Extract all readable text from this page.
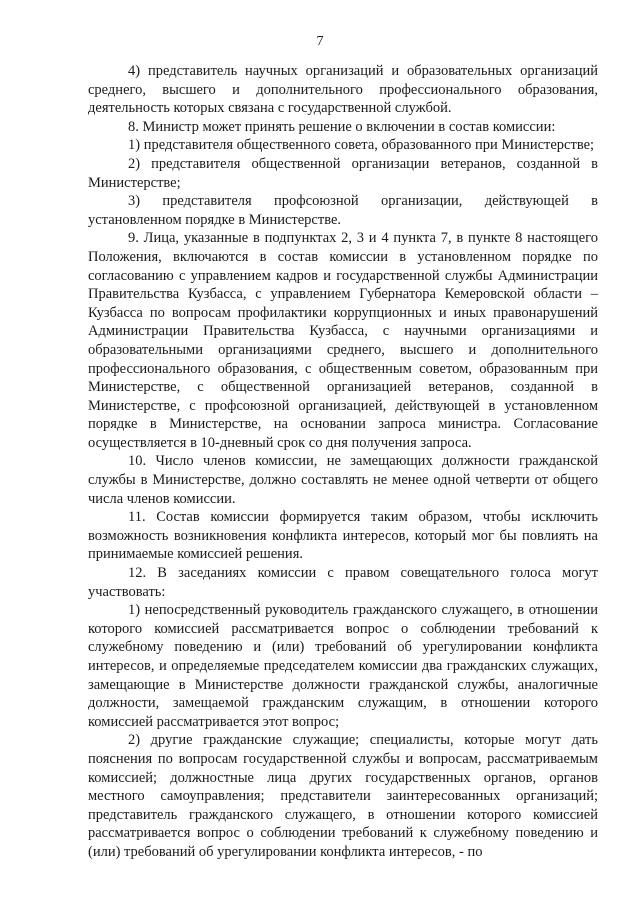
7

4) представитель научных организаций и образовательных организаций среднего, высшего и дополнительного профессионального образования, деятельность которых связана с государственной службой.

8. Министр может принять решение о включении в состав комиссии:

1) представителя общественного совета, образованного при Министерстве;

2) представителя общественной организации ветеранов, созданной в Министерстве;

3) представителя профсоюзной организации, действующей в установленном порядке в Министерстве.

9. Лица, указанные в подпунктах 2, 3 и 4 пункта 7, в пункте 8 настоящего Положения, включаются в состав комиссии в установленном порядке по согласованию с управлением кадров и государственной службы Администрации Правительства Кузбасса, с управлением Губернатора Кемеровской области – Кузбасса по вопросам профилактики коррупционных и иных правонарушений Администрации Правительства Кузбасса, с научными организациями и образовательными организациями среднего, высшего и дополнительного профессионального образования, с общественным советом, образованным при Министерстве, с общественной организацией ветеранов, созданной в Министерстве, с профсоюзной организацией, действующей в установленном порядке в Министерстве, на основании запроса министра. Согласование осуществляется в 10-дневный срок со дня получения запроса.

10. Число членов комиссии, не замещающих должности гражданской службы в Министерстве, должно составлять не менее одной четверти от общего числа членов комиссии.

11. Состав комиссии формируется таким образом, чтобы исключить возможность возникновения конфликта интересов, который мог бы повлиять на принимаемые комиссией решения.

12. В заседаниях комиссии с правом совещательного голоса могут участвовать:

1) непосредственный руководитель гражданского служащего, в отношении которого комиссией рассматривается вопрос о соблюдении требований к служебному поведению и (или) требований об урегулировании конфликта интересов, и определяемые председателем комиссии два гражданских служащих, замещающие в Министерстве должности гражданской службы, аналогичные должности, замещаемой гражданским служащим, в отношении которого комиссией рассматривается этот вопрос;

2) другие гражданские служащие; специалисты, которые могут дать пояснения по вопросам государственной службы и вопросам, рассматриваемым комиссией; должностные лица других государственных органов, органов местного самоуправления; представители заинтересованных организаций; представитель гражданского служащего, в отношении которого комиссией рассматривается вопрос о соблюдении требований к служебному поведению и (или) требований об урегулировании конфликта интересов, - по
